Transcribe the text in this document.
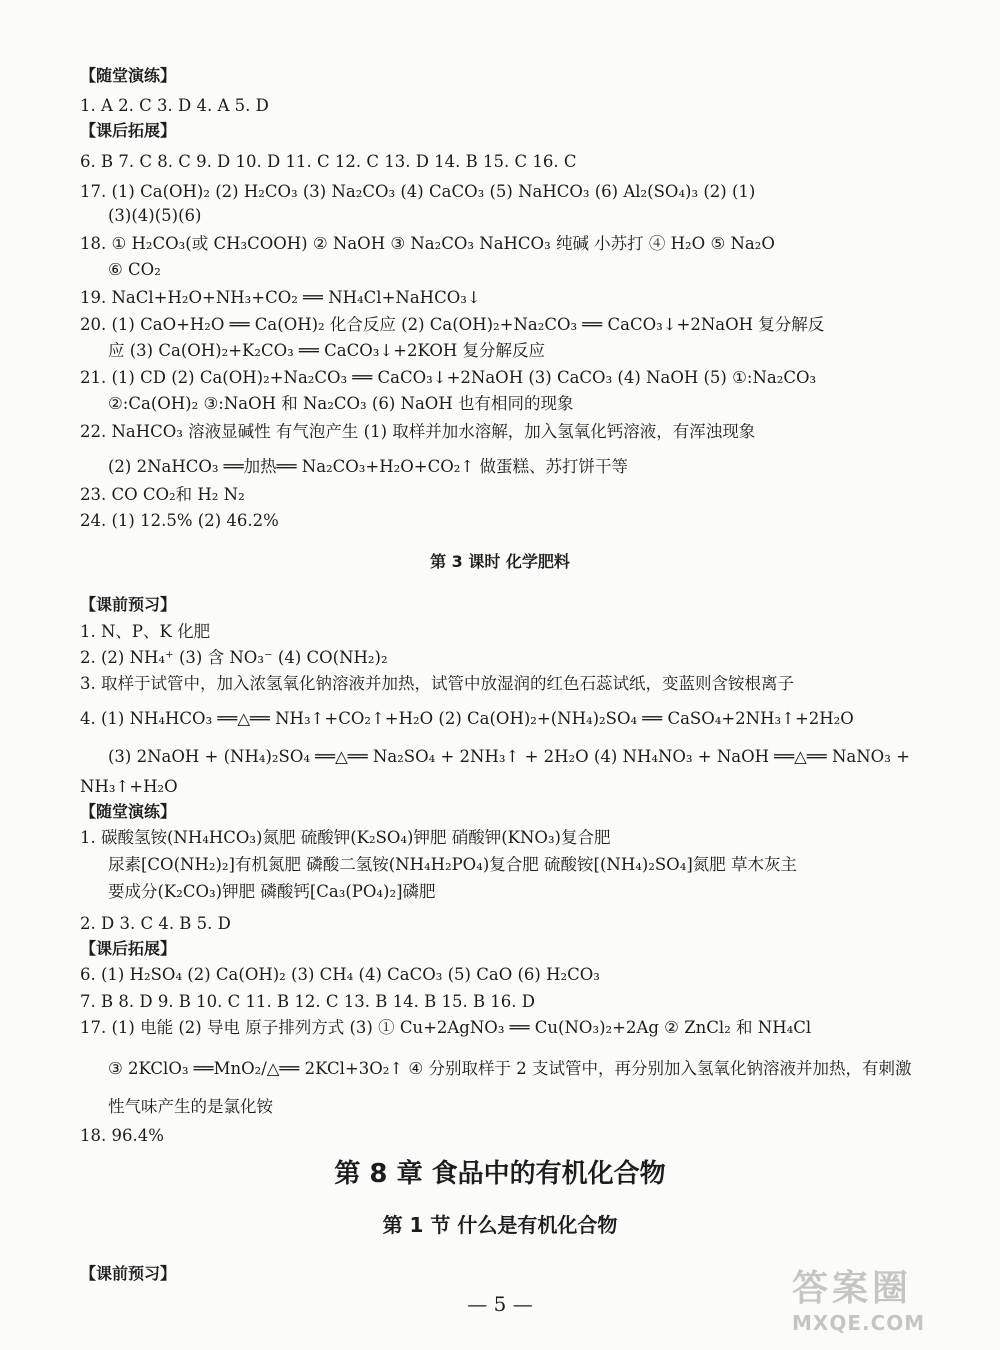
【随堂演练】
1. A 2. C 3. D 4. A 5. D
【课后拓展】
6. B 7. C 8. C 9. D 10. D 11. C 12. C 13. D 14. B 15. C 16. C
17. (1) Ca(OH)₂ (2) H₂CO₃ (3) Na₂CO₃ (4) CaCO₃ (5) NaHCO₃ (6) Al₂(SO₄)₃ (2) (1)
(3)(4)(5)(6)
18. ① H₂CO₃(或 CH₃COOH) ② NaOH ③ Na₂CO₃ NaHCO₃ 纯碱 小苏打 ④ H₂O ⑤ Na₂O
⑥ CO₂
19. NaCl+H₂O+NH₃+CO₂ ══ NH₄Cl+NaHCO₃↓
20. (1) CaO+H₂O ══ Ca(OH)₂ 化合反应 (2) Ca(OH)₂+Na₂CO₃ ══ CaCO₃↓+2NaOH 复分解反
应 (3) Ca(OH)₂+K₂CO₃ ══ CaCO₃↓+2KOH 复分解反应
21. (1) CD (2) Ca(OH)₂+Na₂CO₃ ══ CaCO₃↓+2NaOH (3) CaCO₃ (4) NaOH (5) ①:Na₂CO₃
②:Ca(OH)₂ ③:NaOH 和 Na₂CO₃ (6) NaOH 也有相同的现象
22. NaHCO₃ 溶液显碱性 有气泡产生 (1) 取样并加水溶解，加入氢氧化钙溶液，有浑浊现象
(2) 2NaHCO₃ ══加热══ Na₂CO₃+H₂O+CO₂↑ 做蛋糕、苏打饼干等
23. CO CO₂和 H₂ N₂
24. (1) 12.5% (2) 46.2%
第 3 课时 化学肥料
【课前预习】
1. N、P、K 化肥
2. (2) NH₄⁺ (3) 含 NO₃⁻ (4) CO(NH₂)₂
3. 取样于试管中，加入浓氢氧化钠溶液并加热，试管中放湿润的红色石蕊试纸，变蓝则含铵根离子
4. (1) NH₄HCO₃ ══△══ NH₃↑+CO₂↑+H₂O (2) Ca(OH)₂+(NH₄)₂SO₄ ══ CaSO₄+2NH₃↑+2H₂O
(3) 2NaOH + (NH₄)₂SO₄ ══△══ Na₂SO₄ + 2NH₃↑ + 2H₂O (4) NH₄NO₃ + NaOH ══△══ NaNO₃ +
NH₃↑+H₂O
【随堂演练】
1. 碳酸氢铵(NH₄HCO₃)氮肥 硫酸钾(K₂SO₄)钾肥 硝酸钾(KNO₃)复合肥
尿素[CO(NH₂)₂]有机氮肥 磷酸二氢铵(NH₄H₂PO₄)复合肥 硫酸铵[(NH₄)₂SO₄]氮肥 草木灰主
要成分(K₂CO₃)钾肥 磷酸钙[Ca₃(PO₄)₂]磷肥
2. D 3. C 4. B 5. D
【课后拓展】
6. (1) H₂SO₄ (2) Ca(OH)₂ (3) CH₄ (4) CaCO₃ (5) CaO (6) H₂CO₃
7. B 8. D 9. B 10. C 11. B 12. C 13. B 14. B 15. B 16. D
17. (1) 电能 (2) 导电 原子排列方式 (3) ① Cu+2AgNO₃ ══ Cu(NO₃)₂+2Ag ② ZnCl₂ 和 NH₄Cl
③ 2KClO₃ ══MnO₂/△══ 2KCl+3O₂↑ ④ 分别取样于 2 支试管中，再分别加入氢氧化钠溶液并加热，有刺激
性气味产生的是氯化铵
18. 96.4%
第 8 章 食品中的有机化合物
第 1 节 什么是有机化合物
【课前预习】
— 5 —	答案圈
MXQE.COM
